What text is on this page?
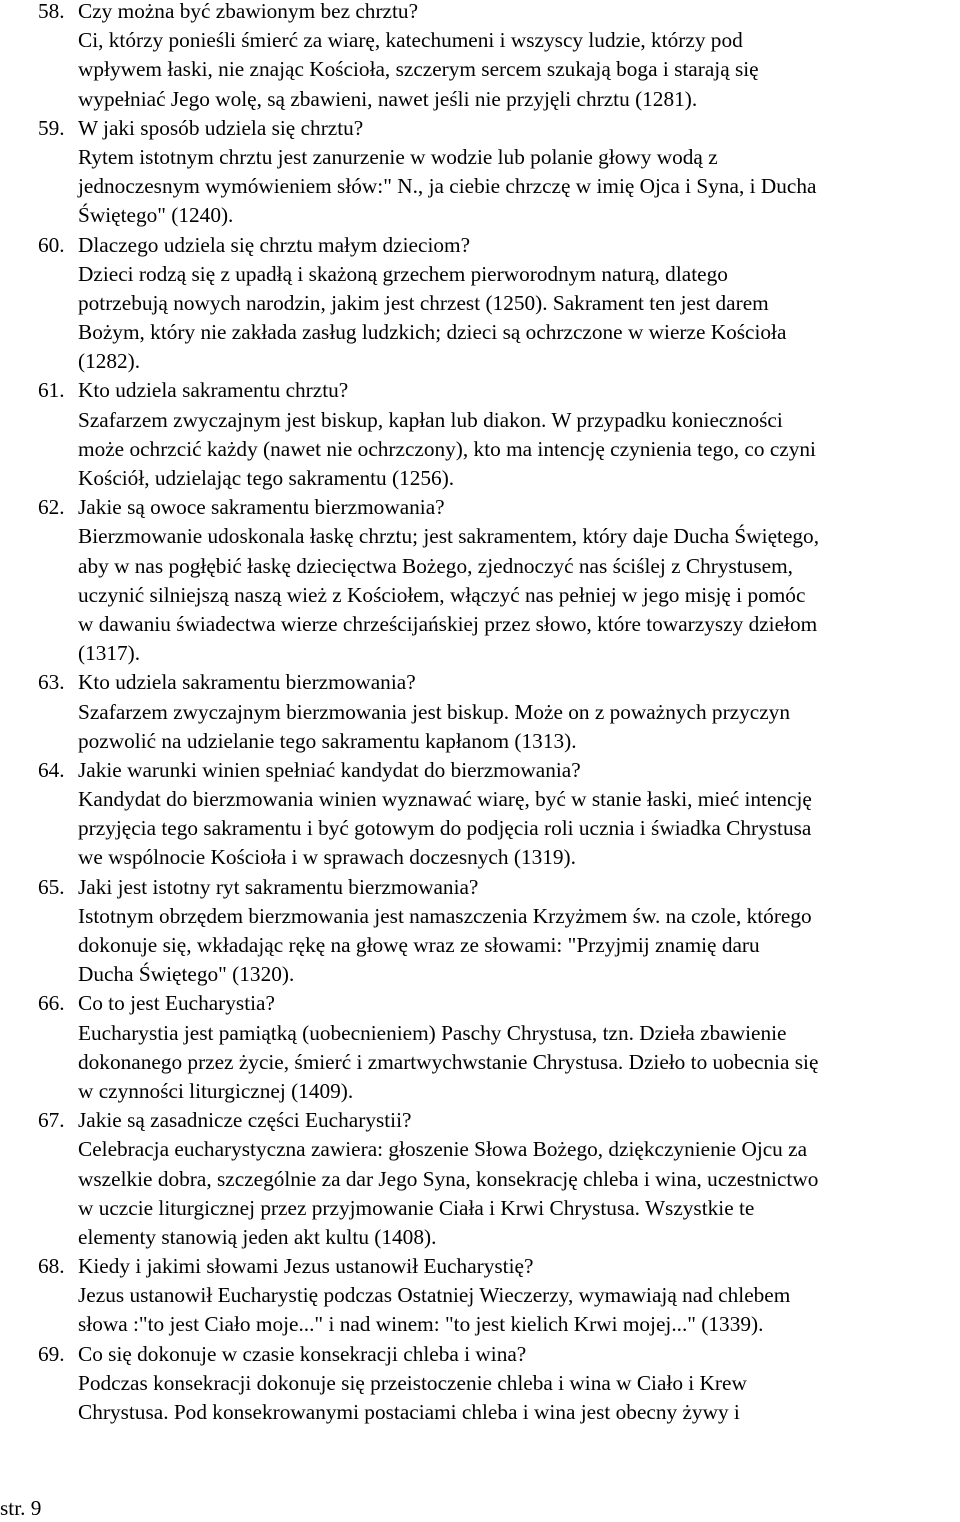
58. Czy można być zbawionym bez chrztu?
Ci, którzy ponieśli śmierć za wiarę, katechumeni i wszyscy ludzie, którzy pod
wpływem łaski, nie znając Kościoła, szczerym sercem szukają boga i starają się
wypełniać Jego wolę, są zbawieni, nawet jeśli nie przyjęli chrztu (1281).
59. W jaki sposób udziela się chrztu?
Rytem istotnym chrztu jest zanurzenie w wodzie lub polanie głowy wodą z
jednoczesnym wymówieniem słów:" N., ja ciebie chrzczę w imię Ojca i Syna, i Ducha
Świętego" (1240).
60. Dlaczego udziela się chrztu małym dzieciom?
Dzieci rodzą się z upadłą i skażoną grzechem pierworodnym naturą, dlatego
potrzebują nowych narodzin, jakim jest chrzest (1250). Sakrament ten jest darem
Bożym, który nie zakłada zasług ludzkich; dzieci są ochrzczone w wierze Kościoła
(1282).
61. Kto udziela sakramentu chrztu?
Szafarzem zwyczajnym jest biskup, kapłan lub diakon. W przypadku konieczności
może ochrzcić każdy (nawet nie ochrzczony), kto ma intencję czynienia tego, co czyni
Kościół, udzielając tego sakramentu (1256).
62. Jakie są owoce sakramentu bierzmowania?
Bierzmowanie udoskonala łaskę chrztu; jest sakramentem, który daje Ducha Świętego,
aby w nas pogłębić łaskę dziecięctwa Bożego, zjednoczyć nas ściślej z Chrystusem,
uczynić silniejszą naszą wież z Kościołem, włączyć nas pełniej w jego misję i pomóc
w dawaniu świadectwa wierze chrześcijańskiej przez słowo, które towarzyszy dziełom
(1317).
63. Kto udziela sakramentu bierzmowania?
Szafarzem zwyczajnym bierzmowania jest biskup. Może on z poważnych przyczyn
pozwolić na udzielanie tego sakramentu kapłanom (1313).
64. Jakie warunki winien spełniać kandydat do bierzmowania?
Kandydat do bierzmowania winien wyznawać wiarę, być w stanie łaski, mieć intencję
przyjęcia tego sakramentu i być gotowym do podjęcia roli ucznia i świadka Chrystusa
we wspólnocie Kościoła i w sprawach doczesnych (1319).
65. Jaki jest istotny ryt sakramentu bierzmowania?
Istotnym obrzędem bierzmowania jest namaszczenia Krzyżmem św. na czole, którego
dokonuje się, wkładając rękę na głowę wraz ze słowami: "Przyjmij znamię daru
Ducha Świętego" (1320).
66. Co to jest Eucharystia?
Eucharystia jest pamiątką (uobecnieniem) Paschy Chrystusa, tzn. Dzieła zbawienie
dokonanego przez życie, śmierć i zmartwychwstanie Chrystusa. Dzieło to uobecnia się
w czynności liturgicznej (1409).
67. Jakie są zasadnicze części Eucharystii?
Celebracja eucharystyczna zawiera: głoszenie Słowa Bożego, dziękczynienie Ojcu za
wszelkie dobra, szczególnie za dar Jego Syna, konsekrację chleba i wina, uczestnictwo
w uczcie liturgicznej przez przyjmowanie Ciała i Krwi Chrystusa. Wszystkie te
elementy stanowią jeden akt kultu (1408).
68. Kiedy i jakimi słowami Jezus ustanowił Eucharystię?
Jezus ustanowił Eucharystię podczas Ostatniej Wieczerzy, wymawiają nad chlebem
słowa :"to jest Ciało moje..." i nad winem: "to jest kielich Krwi mojej..." (1339).
69. Co się dokonuje w czasie konsekracji chleba i wina?
Podczas konsekracji dokonuje się przeistoczenie chleba i wina w Ciało i Krew
Chrystusa. Pod konsekrowanymi postaciami chleba i wina jest obecny żywy i
str. 9
